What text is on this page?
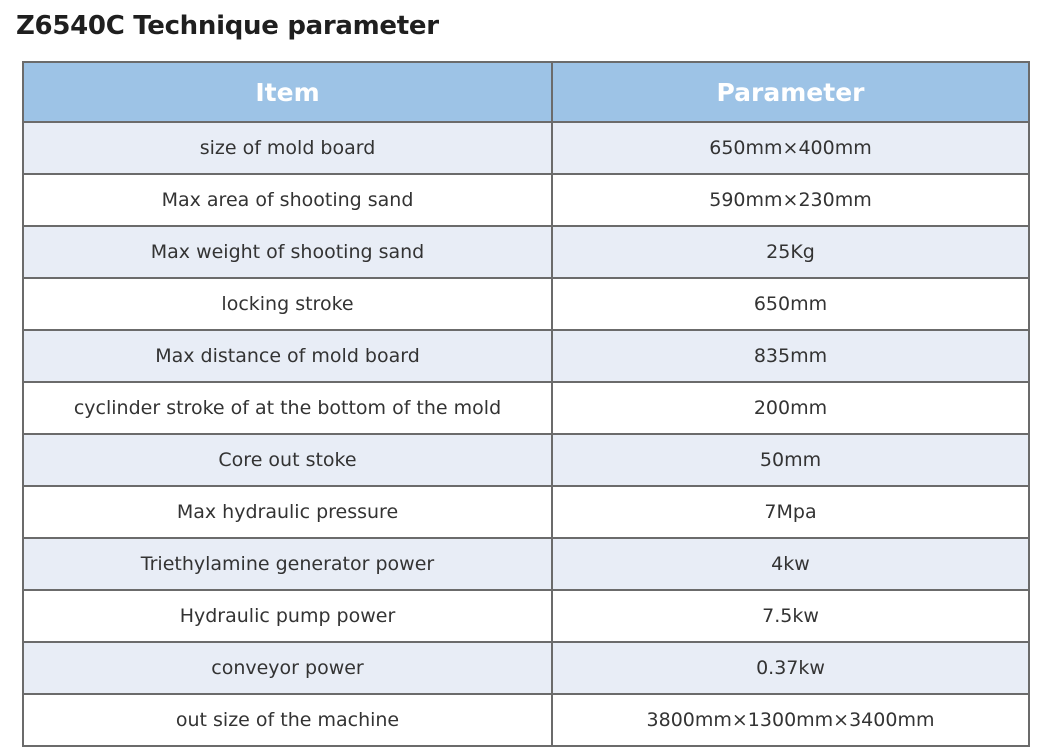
Z6540C Technique parameter
Item	Parameter
size of mold board	650mm×400mm
Max area of shooting sand	590mm×230mm
Max weight of shooting sand	25Kg
locking stroke	650mm
Max distance of mold board	835mm
cyclinder stroke of at the bottom of the mold	200mm
Core out stoke	50mm
Max hydraulic pressure	7Mpa
Triethylamine generator power	4kw
Hydraulic pump power	7.5kw
conveyor power	0.37kw
out size of the machine	3800mm×1300mm×3400mm
